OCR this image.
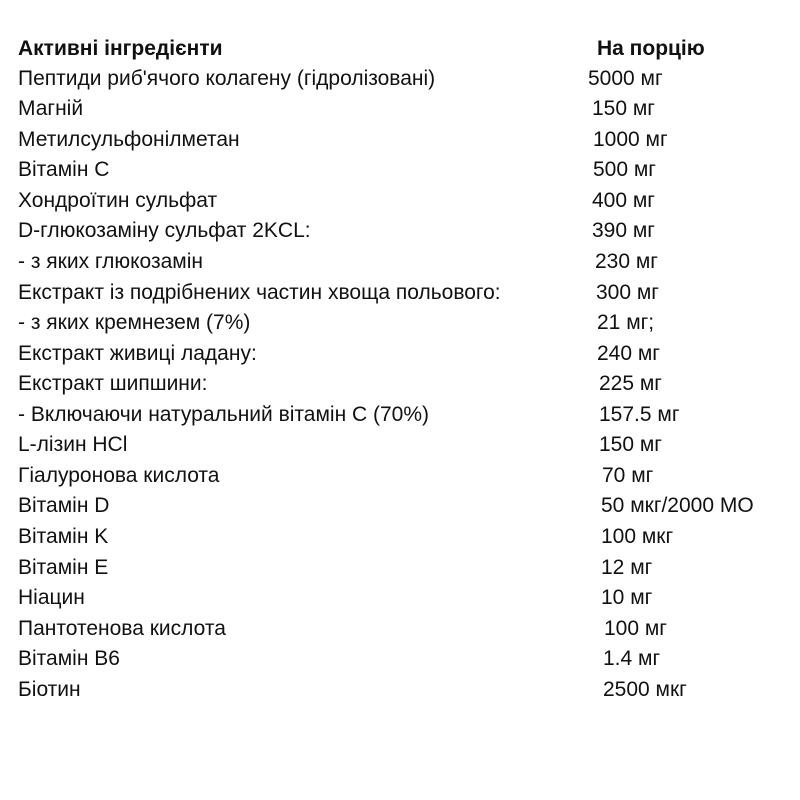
Активні інгредієнти	На порцію
Пептиди риб'ячого колагену (гідролізовані)	5000 мг
Магній	150 мг
Метилсульфонілметан	1000 мг
Вітамін С	500 мг
Хондроїтин сульфат	400 мг
D-глюкозаміну сульфат 2KCL:	390 мг
- з яких глюкозамін	230 мг
Екстракт із подрібнених частин хвоща польового:	300 мг
- з яких кремнезем (7%)	21 мг;
Екстракт живиці ладану:	240 мг
Екстракт шипшини:	225 мг
- Включаючи натуральний вітамін С (70%)	157.5 мг
L-лізин HCl	150 мг
Гіалуронова кислота	70 мг
Вітамін D	50 мкг/2000 МО
Вітамін K	100 мкг
Вітамін E	12 мг
Ніацин	10 мг
Пантотенова кислота	100 мг
Вітамін B6	1.4 мг
Біотин	2500 мкг
